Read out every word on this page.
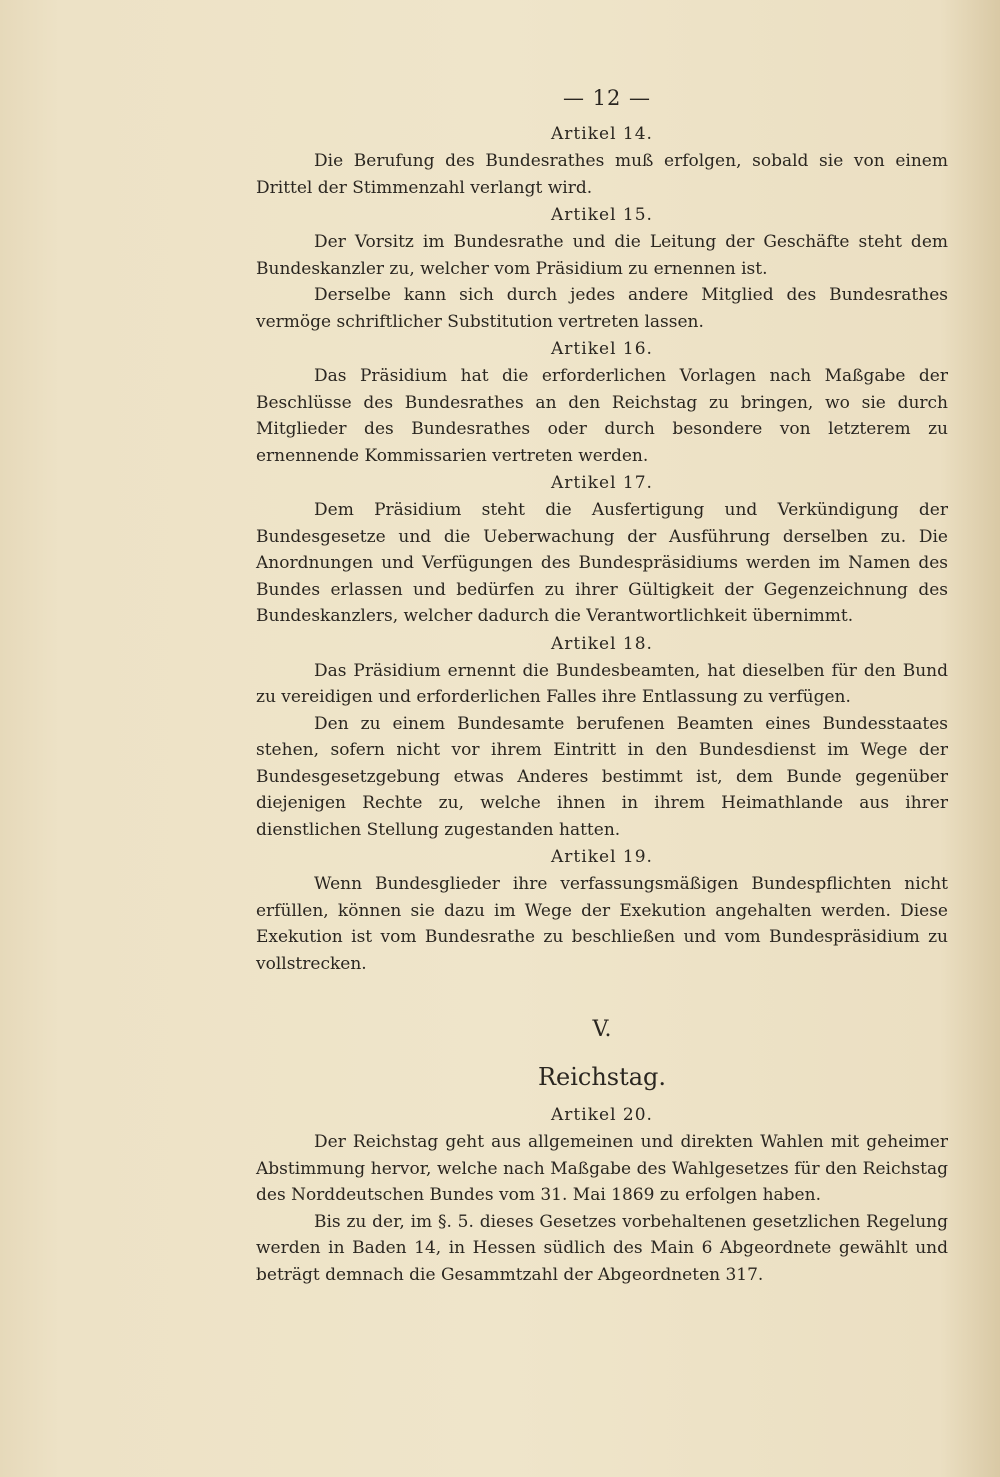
— 12 —
Artikel 14.

Die Berufung des Bundesrathes muß erfolgen, sobald sie von einem Drittel der Stimmenzahl verlangt wird.

Artikel 15.

Der Vorsitz im Bundesrathe und die Leitung der Geschäfte steht dem Bundeskanzler zu, welcher vom Präsidium zu ernennen ist.

Derselbe kann sich durch jedes andere Mitglied des Bundesrathes vermöge schriftlicher Substitution vertreten lassen.

Artikel 16.

Das Präsidium hat die erforderlichen Vorlagen nach Maßgabe der Beschlüsse des Bundesrathes an den Reichstag zu bringen, wo sie durch Mitglieder des Bundesrathes oder durch besondere von letzterem zu ernennende Kommissarien vertreten werden.

Artikel 17.

Dem Präsidium steht die Ausfertigung und Verkündigung der Bundesgesetze und die Ueberwachung der Ausführung derselben zu. Die Anordnungen und Verfügungen des Bundespräsidiums werden im Namen des Bundes erlassen und bedürfen zu ihrer Gültigkeit der Gegenzeichnung des Bundeskanzlers, welcher dadurch die Verantwortlichkeit übernimmt.

Artikel 18.

Das Präsidium ernennt die Bundesbeamten, hat dieselben für den Bund zu vereidigen und erforderlichen Falles ihre Entlassung zu verfügen.

Den zu einem Bundesamte berufenen Beamten eines Bundesstaates stehen, sofern nicht vor ihrem Eintritt in den Bundesdienst im Wege der Bundesgesetzgebung etwas Anderes bestimmt ist, dem Bunde gegenüber diejenigen Rechte zu, welche ihnen in ihrem Heimathlande aus ihrer dienstlichen Stellung zugestanden hatten.

Artikel 19.

Wenn Bundesglieder ihre verfassungsmäßigen Bundespflichten nicht erfüllen, können sie dazu im Wege der Exekution angehalten werden. Diese Exekution ist vom Bundesrathe zu beschließen und vom Bundespräsidium zu vollstrecken.

V.
Reichstag.
Artikel 20.

Der Reichstag geht aus allgemeinen und direkten Wahlen mit geheimer Abstimmung hervor, welche nach Maßgabe des Wahlgesetzes für den Reichstag des Norddeutschen Bundes vom 31. Mai 1869 zu erfolgen haben.

Bis zu der, im §. 5. dieses Gesetzes vorbehaltenen gesetzlichen Regelung werden in Baden 14, in Hessen südlich des Main 6 Abgeordnete gewählt und beträgt demnach die Gesammtzahl der Abgeordneten 317.
